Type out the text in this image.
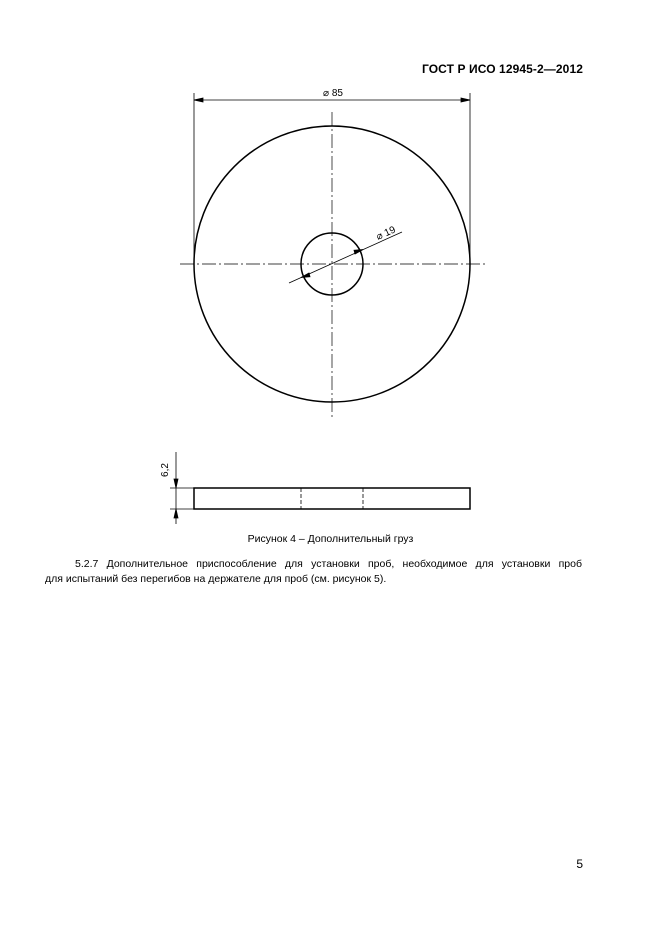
ГОСТ Р ИСО 12945-2—2012
⌀ 85
⌀ 19
6,2
Рисунок 4 – Дополнительный груз
5.2.7 Дополнительное приспособление для установки проб, необходимое для установки проб
для испытаний без перегибов на держателе для проб (см. рисунок 5).
5
